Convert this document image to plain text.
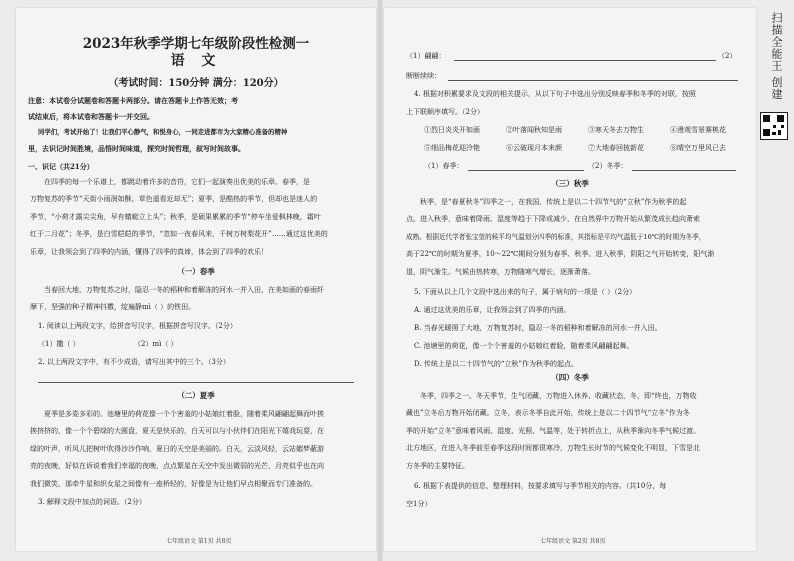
2023年秋季学期七年级阶段性检测一
语 文
（考试时间：150分钟 满分：120分）
注意：本试卷分试题卷和答题卡两部分。请在答题卡上作答无效；考
试结束后，将本试卷和答题卡一并交回。
同学们，考试开始了！让我们平心静气，和悦身心，一同走进都市为大家精心准备的精神
里，去识记时间胜境，品悟时间味道，探究时间哲理，叙写时间故事。
一、识记（共21分）
在四季的每一个乐谱上，都跳动着许多的音符，它们一起演奏出优美的乐章。春季，是
万物复苏的季节“天街小雨润如酥，草色遥看近却无”；夏季，是酷热的季节，但却也是迷人的
季节，“小荷才露尖尖角，早有蜻蜓立上头”；秋季，是硕果累累的季节“停车坐爱枫林晚，霜叶
红于二月花”；冬季，是白雪皑皑的季节，“忽如一夜春风来，千树万树梨花开”……通过这优美的
乐章，让我领会到了四季的内涵，懂得了四季的真谛，体会到了四季的欢乐！
（一）春季
当春回大地，万物复苏之时，隐忍一冬的稻种和着解冻的河水一并入田，在美如画的春雨纤
摩下，坚强的种子精神抖擞，绽遍静mì（ ）的铁田。
1. 阅读以上两段文字，给拼音写汉字，根据拼音写汉字。（2分）
（1）撒（ ）	（2）mì（ ）
2. 以上两段文字中，有不少成语，请写出其中的三个。（3分）
（二）夏季
夏季是多姿多彩的。池塘里的荷花像一个个害羞的小姑娘红着脸，随着柔风翩翩起舞而叶挨
挨挤挤的，像一个个碧绿的大圆盘，夏天是快乐的，白天可以与小伙伴们在阳光下嬉戏玩耍，在
绿的叶声，听风儿把树叶吹得沙沙作响，夏日的天空是美丽的。白天，云淡风轻，云站媚梦蔽游
亮的夜晚，好似在诉说着我们幸福的夜晚，点点繁星在天空中发出微弱的光芒，月亮似乎也在向
我们微笑，那牵牛星和织女星之间像有一座桥轻的，好像是为让他们早点相聚而专门准备的。
3. 解释文段中加点的词语。（2分）
七年级语文 第1页 共8页
（1）翩翩：	（2）
断断续续：
4. 根据对积累要求及文段的相关提示，从以下句子中选出分别反映春季和冬季的对联，按照
上下联顺序填写。（2分）
①烈日炎炎开如画	②叶落闻秋知是雨	③寒天冬去万物生	④漫观雪景赛桃花
⑤细品梅花迎冷艳	⑥云破现月本来颜	⑦大地春回披新花	⑧晴空万里风已去
（1）春季：	（2）冬季：
（三）秋季
秋季，是“春夏秋冬”四季之一，在我国，传统上是以二十四节气的“立秋”作为秋季的起
点。进入秋季，意味着降雨、湿度等趋于下降或减少，在自然界中万物开始从繁茂成长趋向萧索
成熟。根据近代学者张宝堃的候平均气温划分四季的标准，其指标是平均气温低于10℃的时期为冬季，
高于22℃的时期为夏季，10～22℃期间分别为春季、秋季。进入秋季，阴阳之气开始转变，阳气渐
退，阴气渐生。气候由热转寒，万物随寒气增长，逐渐萧落。
5. 下面从以上几个文段中选出来的句子，属于病句的一项是（ ）（2分）
A. 通过这优美的乐章，让我领会到了四季的内涵。
B. 当春光暖照了大地，万物复苏时，隐忍一冬的稻种和着解冻的河水一并入田。
C. 池塘里的荷花，像一个个害羞的小姑娘红着脸，随着柔风翩翩起舞。
D. 传统上是以二十四节气的“立秋”作为秋季的起点。
（四）冬季
冬季，四季之一。冬天季节，生气闭藏，万物进入休养、收藏状态，冬，即“终也，万物收
藏也”立冬后万物开始闭藏。立冬，表示冬季自此开始，传统上是以二十四节气“立冬”作为冬
季的开始“立冬”意味着风雨、湿度、光照、气温等，处于转折点上，从秋季渐向冬季气候过渡。
北方地区，在进入冬季前至春季这段时间都很寒冷，万物生长时节的气候变化不明显，下雪是北
方冬季的主要特征。
6. 根据下表提供的信息，整理材料，按要求填写与季节相关的内容。（共10分，每
空1分）
七年级语文 第2页 共8页
扫描全能王 创建
